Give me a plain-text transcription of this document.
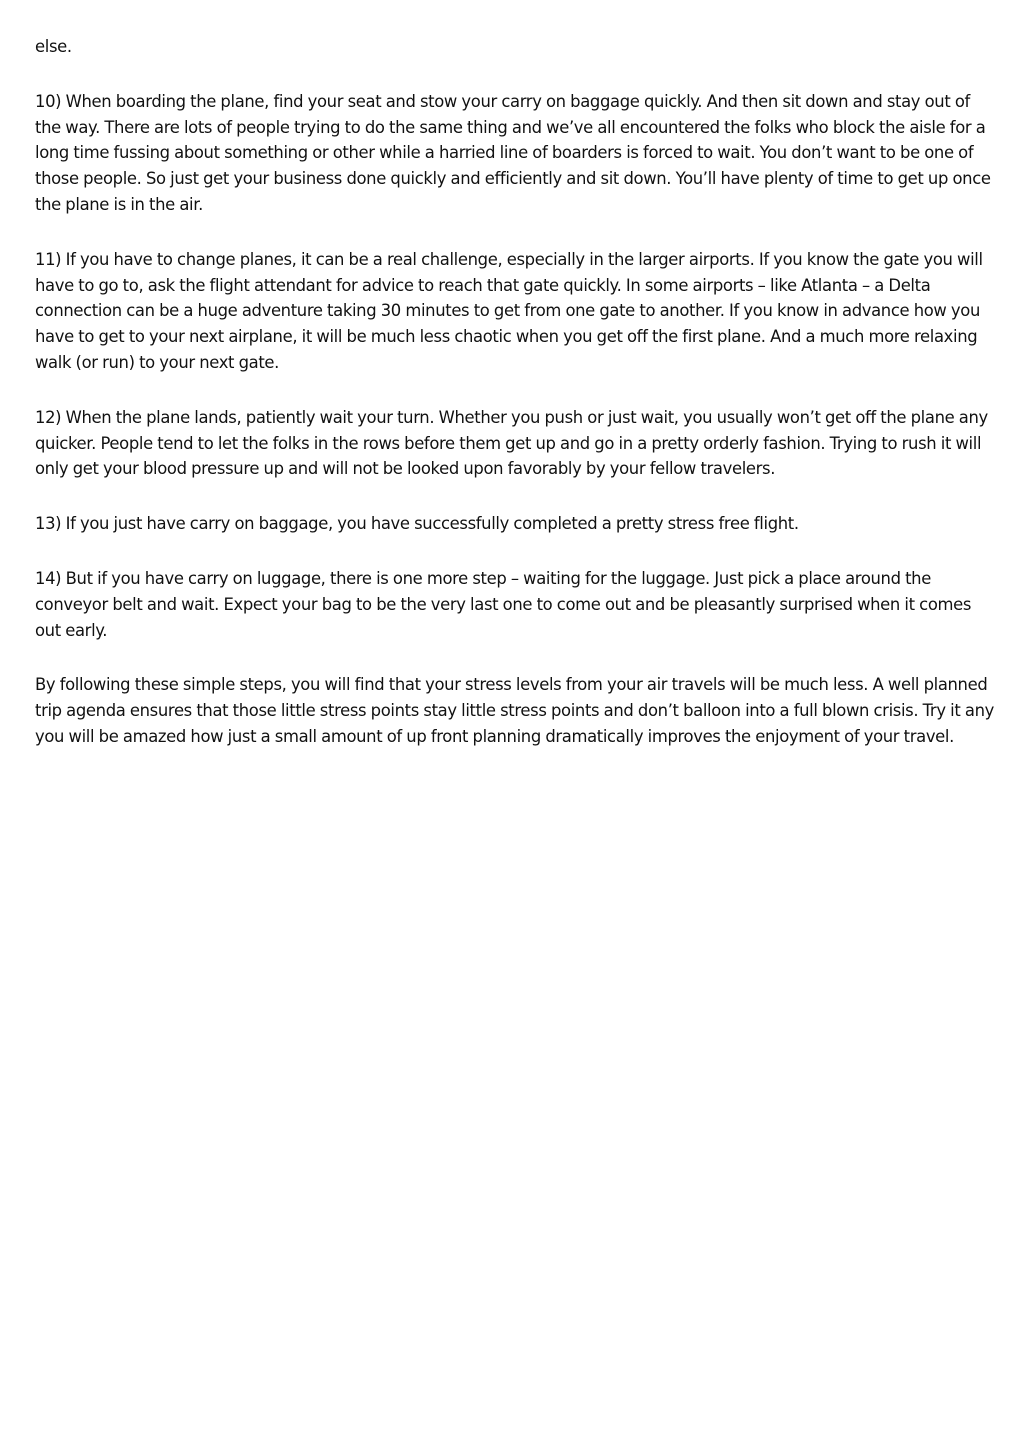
else.

10) When boarding the plane, find your seat and stow your carry on baggage quickly. And then sit down and stay out of the way. There are lots of people trying to do the same thing and we’ve all encountered the folks who block the aisle for a long time fussing about something or other while a harried line of boarders is forced to wait. You don’t want to be one of those people. So just get your business done quickly and efficiently and sit down. You’ll have plenty of time to get up once the plane is in the air.

11) If you have to change planes, it can be a real challenge, especially in the larger airports. If you know the gate you will have to go to, ask the flight attendant for advice to reach that gate quickly. In some airports – like Atlanta – a Delta connection can be a huge adventure taking 30 minutes to get from one gate to another. If you know in advance how you have to get to your next airplane, it will be much less chaotic when you get off the first plane. And a much more relaxing walk (or run) to your next gate.

12) When the plane lands, patiently wait your turn. Whether you push or just wait, you usually won’t get off the plane any quicker. People tend to let the folks in the rows before them get up and go in a pretty orderly fashion. Trying to rush it will only get your blood pressure up and will not be looked upon favorably by your fellow travelers.

13) If you just have carry on baggage, you have successfully completed a pretty stress free flight.

14) But if you have carry on luggage, there is one more step – waiting for the luggage. Just pick a place around the conveyor belt and wait. Expect your bag to be the very last one to come out and be pleasantly surprised when it comes out early.

By following these simple steps, you will find that your stress levels from your air travels will be much less. A well planned trip agenda ensures that those little stress points stay little stress points and don’t balloon into a full blown crisis. Try it any you will be amazed how just a small amount of up front planning dramatically improves the enjoyment of your travel.
